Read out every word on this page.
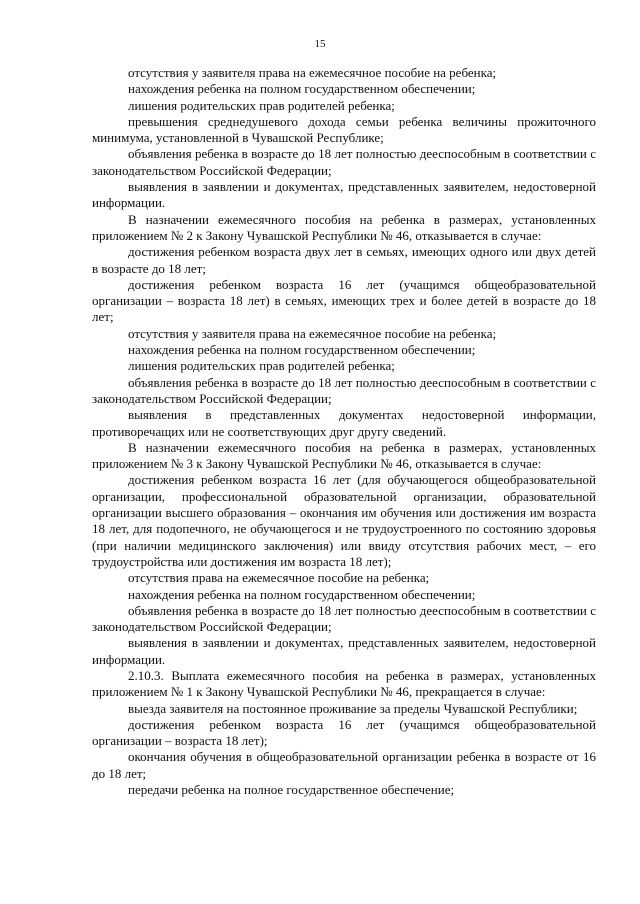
15

отсутствия у заявителя права на ежемесячное пособие на ребенка;

нахождения ребенка на полном государственном обеспечении;

лишения родительских прав родителей ребенка;

превышения среднедушевого дохода семьи ребенка величины прожиточного минимума, установленной в Чувашской Республике;

объявления ребенка в возрасте до 18 лет полностью дееспособным в соответствии с законодательством Российской Федерации;

выявления в заявлении и документах, представленных заявителем, недостоверной информации.

В назначении ежемесячного пособия на ребенка в размерах, установленных приложением № 2 к Закону Чувашской Республики № 46, отказывается в случае:

достижения ребенком возраста двух лет в семьях, имеющих одного или двух детей в возрасте до 18 лет;

достижения ребенком возраста 16 лет (учащимся общеобразовательной организации – возраста 18 лет) в семьях, имеющих трех и более детей в возрасте до 18 лет;

отсутствия у заявителя права на ежемесячное пособие на ребенка;

нахождения ребенка на полном государственном обеспечении;

лишения родительских прав родителей ребенка;

объявления ребенка в возрасте до 18 лет полностью дееспособным в соответствии с законодательством Российской Федерации;

выявления в представленных документах недостоверной информации, противоречащих или не соответствующих друг другу сведений.

В назначении ежемесячного пособия на ребенка в размерах, установленных приложением № 3 к Закону Чувашской Республики № 46, отказывается в случае:

достижения ребенком возраста 16 лет (для обучающегося общеобразовательной организации, профессиональной образовательной организации, образовательной организации высшего образования – окончания им обучения или достижения им возраста 18 лет, для подопечного, не обучающегося и не трудоустроенного по состоянию здоровья (при наличии медицинского заключения) или ввиду отсутствия рабочих мест, – его трудоустройства или достижения им возраста 18 лет);

отсутствия права на ежемесячное пособие на ребенка;

нахождения ребенка на полном государственном обеспечении;

объявления ребенка в возрасте до 18 лет полностью дееспособным в соответствии с законодательством Российской Федерации;

выявления в заявлении и документах, представленных заявителем, недостоверной информации.

2.10.3. Выплата ежемесячного пособия на ребенка в размерах, установленных приложением № 1 к Закону Чувашской Республики № 46, прекращается в случае:

выезда заявителя на постоянное проживание за пределы Чувашской Республики;

достижения ребенком возраста 16 лет (учащимся общеобразовательной организации – возраста 18 лет);

окончания обучения в общеобразовательной организации ребенка в возрасте от 16 до 18 лет;

передачи ребенка на полное государственное обеспечение;
